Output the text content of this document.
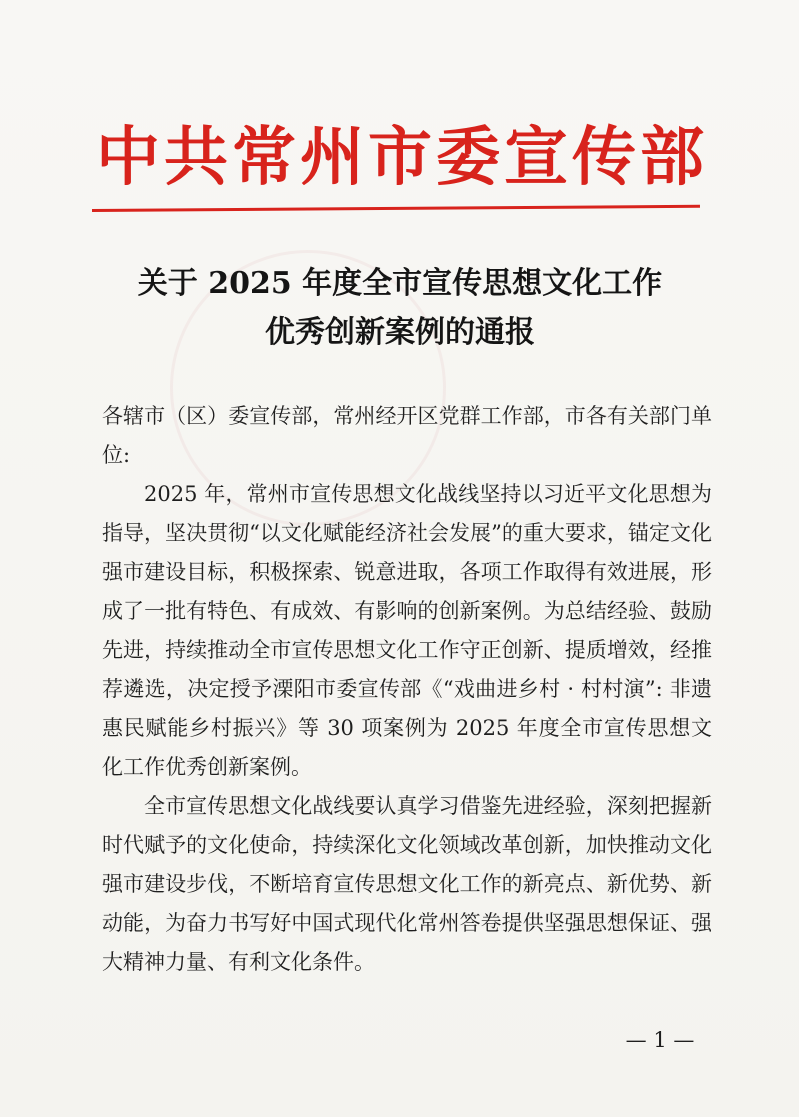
中共常州市委宣传部
关于 2025 年度全市宣传思想文化工作
优秀创新案例的通报
各辖市（区）委宣传部，常州经开区党群工作部，市各有关部门单位:
2025 年，常州市宣传思想文化战线坚持以习近平文化思想为指导，坚决贯彻“以文化赋能经济社会发展”的重大要求，锚定文化强市建设目标，积极探索、锐意进取，各项工作取得有效进展，形成了一批有特色、有成效、有影响的创新案例。为总结经验、鼓励先进，持续推动全市宣传思想文化工作守正创新、提质增效，经推荐遴选，决定授予溧阳市委宣传部《“戏曲进乡村 · 村村演”: 非遗惠民赋能乡村振兴》等 30 项案例为 2025 年度全市宣传思想文化工作优秀创新案例。
全市宣传思想文化战线要认真学习借鉴先进经验，深刻把握新时代赋予的文化使命，持续深化文化领域改革创新，加快推动文化强市建设步伐，不断培育宣传思想文化工作的新亮点、新优势、新动能，为奋力书写好中国式现代化常州答卷提供坚强思想保证、强大精神力量、有利文化条件。
— 1 —
